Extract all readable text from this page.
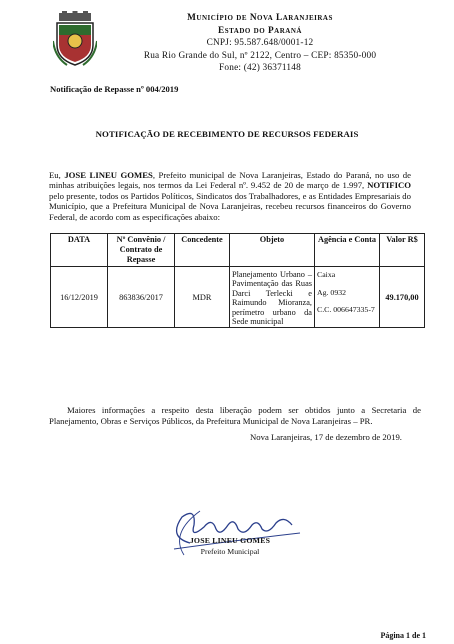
Município de Nova Laranjeiras
Estado do Paraná
CNPJ: 95.587.648/0001-12
Rua Rio Grande do Sul, nº 2122, Centro – CEP: 85350-000
Fone: (42) 36371148
Notificação de Repasse nº 004/2019
NOTIFICAÇÃO DE RECEBIMENTO DE RECURSOS FEDERAIS
Eu, JOSE LINEU GOMES, Prefeito municipal de Nova Laranjeiras, Estado do Paraná, no uso de minhas atribuições legais, nos termos da Lei Federal nº. 9.452 de 20 de março de 1.997, NOTIFICO pelo presente, todos os Partidos Políticos, Sindicatos dos Trabalhadores, e as Entidades Empresariais do Município, que a Prefeitura Municipal de Nova Laranjeiras, recebeu recursos financeiros do Governo Federal, de acordo com as especificações abaixo:
DATA	Nº Convênio / Contrato de Repasse	Concedente	Objeto	Agência e Conta	Valor R$
16/12/2019	863836/2017	MDR	Planejamento Urbano – Pavimentação das Ruas Darci Terlecki e Raimundo Mioranza, perímetro urbano da Sede municipal	Caixa
Ag. 0932
C.C. 006647335-7	49.170,00
Maiores informações a respeito desta liberação podem ser obtidos junto a Secretaria de Planejamento, Obras e Serviços Públicos, da Prefeitura Municipal de Nova Laranjeiras – PR.
Nova Laranjeiras, 17 de dezembro de 2019.
JOSE LINEU GOMES
Prefeito Municipal
Página 1 de 1
